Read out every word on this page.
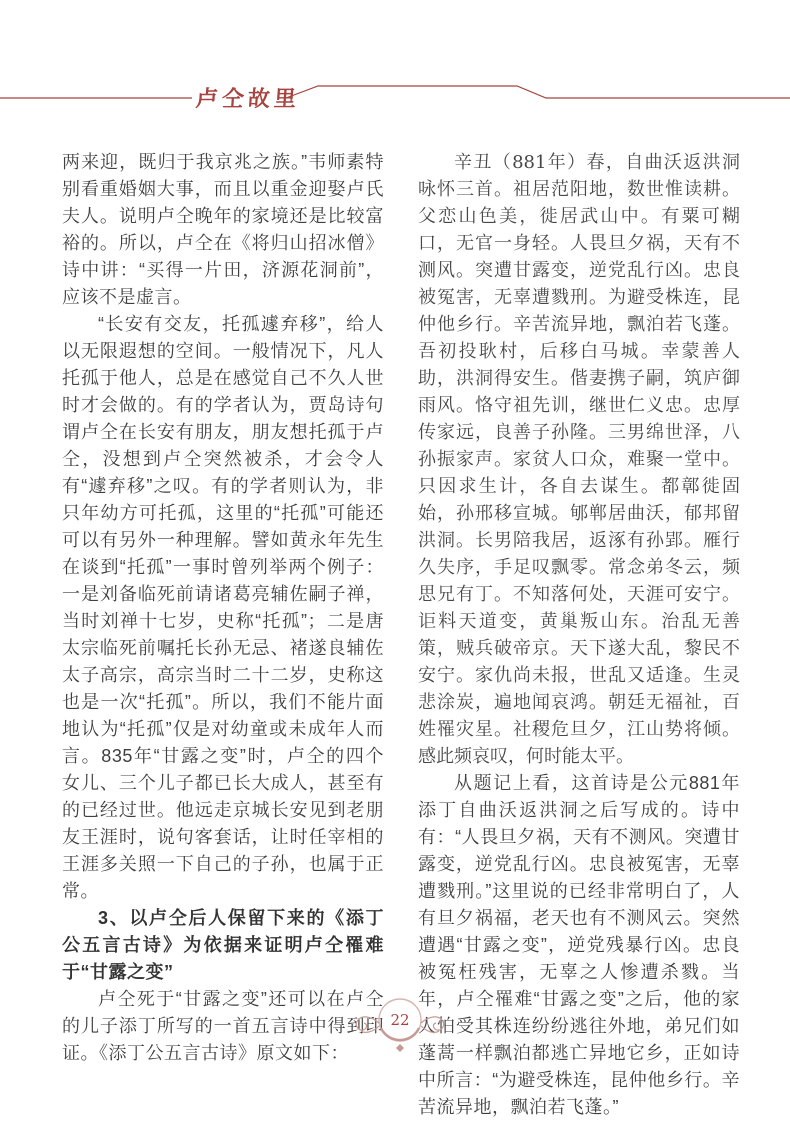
卢仝故里

两来迎，既归于我京兆之族。”韦师素特别看重婚姻大事，而且以重金迎娶卢氏夫人。说明卢仝晚年的家境还是比较富裕的。所以，卢仝在《将归山招冰僧》诗中讲：“买得一片田，济源花洞前”，应该不是虚言。

“长安有交友，托孤遽弃移”，给人以无限遐想的空间。一般情况下，凡人托孤于他人，总是在感觉自己不久人世时才会做的。有的学者认为，贾岛诗句谓卢仝在长安有朋友，朋友想托孤于卢仝，没想到卢仝突然被杀，才会令人有“遽弃移”之叹。有的学者则认为，非只年幼方可托孤，这里的“托孤”可能还可以有另外一种理解。譬如黄永年先生在谈到“托孤”一事时曾列举两个例子：一是刘备临死前请诸葛亮辅佐嗣子禅，当时刘禅十七岁，史称“托孤”；二是唐太宗临死前嘱托长孙无忌、褚遂良辅佐太子高宗，高宗当时二十二岁，史称这也是一次“托孤”。所以，我们不能片面地认为“托孤”仅是对幼童或未成年人而言。835年“甘露之变”时，卢仝的四个女儿、三个儿子都已长大成人，甚至有的已经过世。他远走京城长安见到老朋友王涯时，说句客套话，让时任宰相的王涯多关照一下自己的子孙，也属于正常。

3、以卢仝后人保留下来的《添丁公五言古诗》为依据来证明卢仝罹难于“甘露之变”

卢仝死于“甘露之变”还可以在卢仝的儿子添丁所写的一首五言诗中得到印证。《添丁公五言古诗》原文如下：

辛丑（881年）春，自曲沃返洪洞咏怀三首。祖居范阳地，数世惟读耕。父恋山色美，徙居武山中。有粟可糊口，无官一身轻。人畏旦夕祸，天有不测风。突遭甘露变，逆党乱行凶。忠良被冤害，无辜遭戮刑。为避受株连，昆仲他乡行。辛苦流异地，飘泊若飞蓬。吾初投耿村，后移白马城。幸蒙善人助，洪洞得安生。偕妻携子嗣，筑庐御雨风。恪守祖先训，继世仁义忠。忠厚传家远，良善子孙隆。三男绵世泽，八孙振家声。家贫人口众，难聚一堂中。只因求生计，各自去谋生。都鄣徙固始，孙邢移宣城。郇郸居曲沃，郁邦留洪洞。长男陪我居，返涿有孙郢。雁行久失序，手足叹飘零。常念弟冬云，频思兄有丁。不知落何处，天涯可安宁。讵料天道变，黄巢叛山东。治乱无善策，贼兵破帝京。天下遂大乱，黎民不安宁。家仇尚未报，世乱又适逢。生灵悲涂炭，遍地闻哀鸿。朝廷无福祉，百姓罹灾星。社稷危旦夕，江山势将倾。感此频哀叹，何时能太平。

从题记上看，这首诗是公元881年添丁自曲沃返洪洞之后写成的。诗中有：“人畏旦夕祸，天有不测风。突遭甘露变，逆党乱行凶。忠良被冤害，无辜遭戮刑。”这里说的已经非常明白了，人有旦夕祸福，老天也有不测风云。突然遭遇“甘露之变”，逆党残暴行凶。忠良被冤枉残害，无辜之人惨遭杀戮。当年，卢仝罹难“甘露之变”之后，他的家人怕受其株连纷纷逃往外地，弟兄们如蓬蒿一样飘泊都逃亡异地它乡，正如诗中所言：“为避受株连，昆仲他乡行。辛苦流异地，飘泊若飞蓬。”

22
